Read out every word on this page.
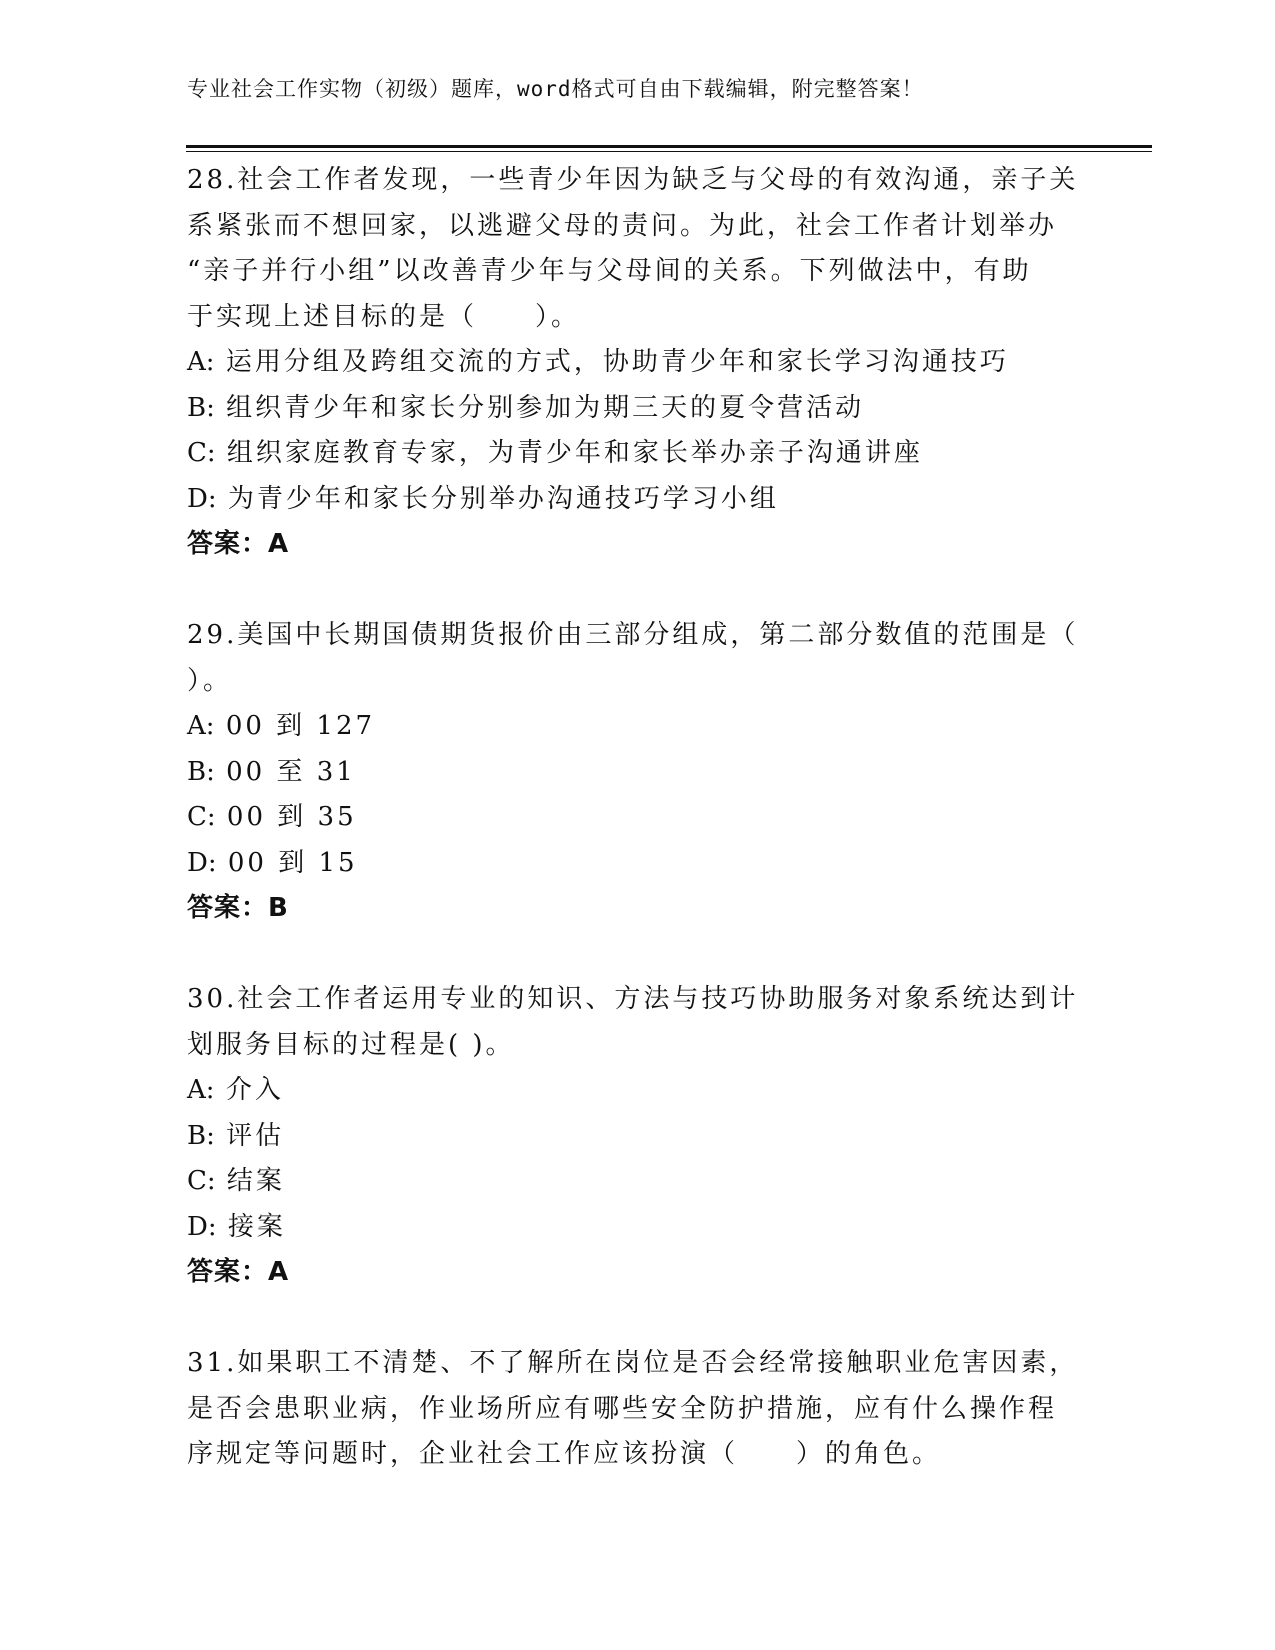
专业社会工作实物（初级）题库，word格式可自由下载编辑，附完整答案！
28.社会工作者发现，一些青少年因为缺乏与父母的有效沟通，亲子关
系紧张而不想回家，以逃避父母的责问。为此，社会工作者计划举办
“亲子并行小组”以改善青少年与父母间的关系。下列做法中，有助
于实现上述目标的是（　　）。
A: 运用分组及跨组交流的方式，协助青少年和家长学习沟通技巧
B: 组织青少年和家长分别参加为期三天的夏令营活动
C: 组织家庭教育专家，为青少年和家长举办亲子沟通讲座
D: 为青少年和家长分别举办沟通技巧学习小组
答案：A
29.美国中长期国债期货报价由三部分组成，第二部分数值的范围是（
）。
A: 00 到 127
B: 00 至 31
C: 00 到 35
D: 00 到 15
答案：B
30.社会工作者运用专业的知识、方法与技巧协助服务对象系统达到计
划服务目标的过程是( )。
A: 介入
B: 评估
C: 结案
D: 接案
答案：A
31.如果职工不清楚、不了解所在岗位是否会经常接触职业危害因素，
是否会患职业病，作业场所应有哪些安全防护措施，应有什么操作程
序规定等问题时，企业社会工作应该扮演（　　）的角色。
